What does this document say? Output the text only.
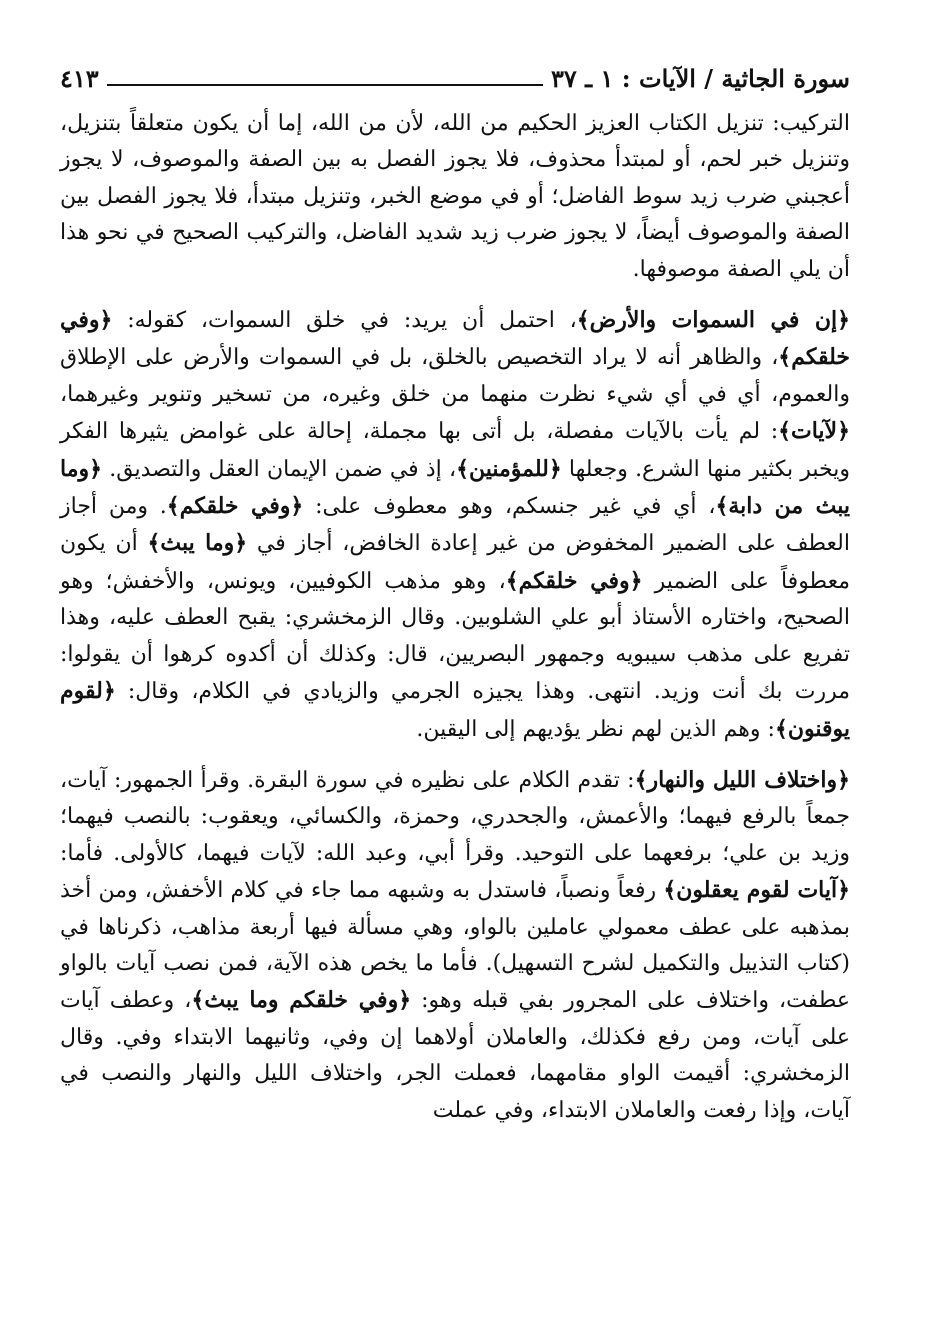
سورة الجاثية / الآيات : ١ ـ ٣٧
٤١٣

التركيب: تنزيل الكتاب العزيز الحكيم من الله، لأن من الله، إما أن يكون متعلقاً بتنزيل، وتنزيل خبر لحم، أو لمبتدأ محذوف، فلا يجوز الفصل به بين الصفة والموصوف، لا يجوز أعجبني ضرب زيد سوط الفاضل؛ أو في موضع الخبر، وتنزيل مبتدأ، فلا يجوز الفصل بين الصفة والموصوف أيضاً، لا يجوز ضرب زيد شديد الفاضل، والتركيب الصحيح في نحو هذا أن يلي الصفة موصوفها.

﴿إن في السموات والأرض﴾، احتمل أن يريد: في خلق السموات، كقوله: ﴿وفي خلقكم﴾، والظاهر أنه لا يراد التخصيص بالخلق، بل في السموات والأرض على الإطلاق والعموم، أي في أي شيء نظرت منهما من خلق وغيره، من تسخير وتنوير وغيرهما، ﴿لآيات﴾: لم يأت بالآيات مفصلة، بل أتى بها مجملة، إحالة على غوامض يثيرها الفكر ويخبر بكثير منها الشرع. وجعلها ﴿للمؤمنين﴾، إذ في ضمن الإيمان العقل والتصديق. ﴿وما يبث من دابة﴾، أي في غير جنسكم، وهو معطوف على: ﴿وفي خلقكم﴾. ومن أجاز العطف على الضمير المخفوض من غير إعادة الخافض، أجاز في ﴿وما يبث﴾ أن يكون معطوفاً على الضمير ﴿وفي خلقكم﴾، وهو مذهب الكوفيين، ويونس، والأخفش؛ وهو الصحيح، واختاره الأستاذ أبو علي الشلوبين. وقال الزمخشري: يقبح العطف عليه، وهذا تفريع على مذهب سيبويه وجمهور البصريين، قال: وكذلك أن أكدوه كرهوا أن يقولوا: مررت بك أنت وزيد. انتهى. وهذا يجيزه الجرمي والزيادي في الكلام، وقال: ﴿لقوم يوقنون﴾: وهم الذين لهم نظر يؤديهم إلى اليقين.

﴿واختلاف الليل والنهار﴾: تقدم الكلام على نظيره في سورة البقرة. وقرأ الجمهور: آيات، جمعاً بالرفع فيهما؛ والأعمش، والجحدري، وحمزة، والكسائي، ويعقوب: بالنصب فيهما؛ وزيد بن علي؛ برفعهما على التوحيد. وقرأ أبي، وعبد الله: لآيات فيهما، كالأولى. فأما: ﴿آيات لقوم يعقلون﴾ رفعاً ونصباً، فاستدل به وشبهه مما جاء في كلام الأخفش، ومن أخذ بمذهبه على عطف معمولي عاملين بالواو، وهي مسألة فيها أربعة مذاهب، ذكرناها في (كتاب التذييل والتكميل لشرح التسهيل). فأما ما يخص هذه الآية، فمن نصب آيات بالواو عطفت، واختلاف على المجرور بفي قبله وهو: ﴿وفي خلقكم وما يبث﴾، وعطف آيات على آيات، ومن رفع فكذلك، والعاملان أولاهما إن وفي، وثانيهما الابتداء وفي. وقال الزمخشري: أقيمت الواو مقامهما، فعملت الجر، واختلاف الليل والنهار والنصب في آيات، وإذا رفعت والعاملان الابتداء، وفي عملت
